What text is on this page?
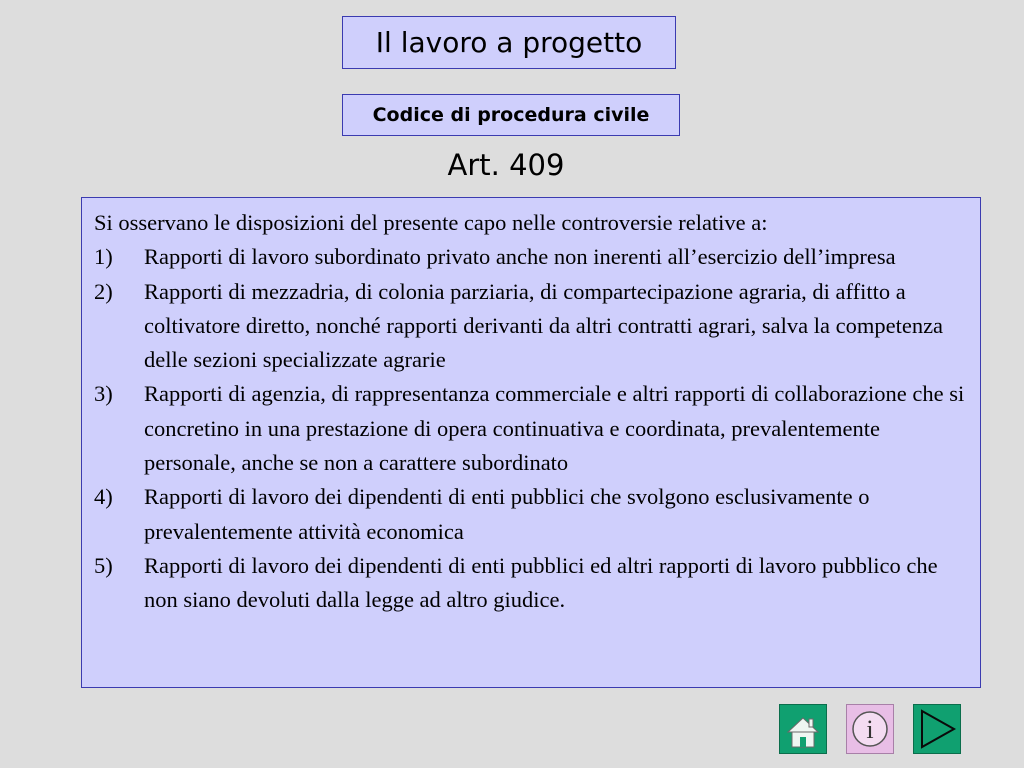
Il lavoro a progetto
Codice di procedura civile
Art. 409

Si osservano le disposizioni del presente capo nelle controversie relative a:

1) Rapporti di lavoro subordinato privato anche non inerenti all’esercizio dell’impresa
2) Rapporti di mezzadria, di colonia parziaria, di compartecipazione agraria, di affitto a coltivatore diretto, nonché rapporti derivanti da altri contratti agrari, salva la competenza delle sezioni specializzate agrarie
3) Rapporti di agenzia, di rappresentanza commerciale e altri rapporti di collaborazione che si concretino in una prestazione di opera continuativa e coordinata, prevalentemente personale, anche se non a carattere subordinato
4) Rapporti di lavoro dei dipendenti di enti pubblici che svolgono esclusivamente o prevalentemente attività economica
5) Rapporti di lavoro dei dipendenti di enti pubblici ed altri rapporti di lavoro pubblico che non siano devoluti dalla legge ad altro giudice.
i
